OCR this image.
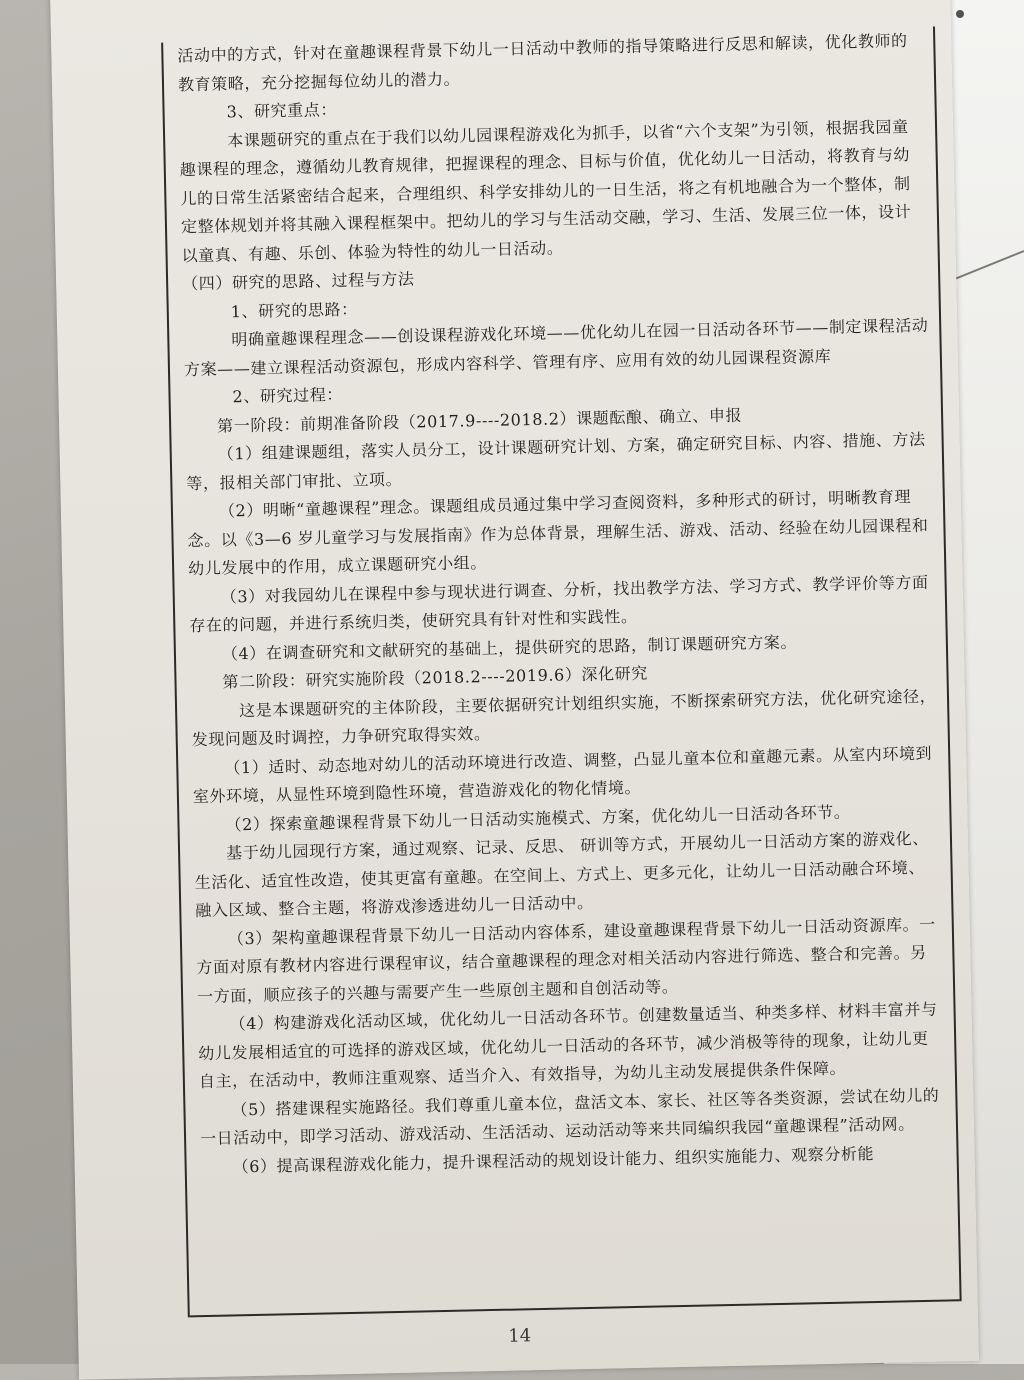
活动中的方式，针对在童趣课程背景下幼儿一日活动中教师的指导策略进行反思和解读，优化教师的教育策略，充分挖掘每位幼儿的潜力。

3、研究重点：

本课题研究的重点在于我们以幼儿园课程游戏化为抓手，以省“六个支架”为引领，根据我园童趣课程的理念，遵循幼儿教育规律，把握课程的理念、目标与价值，优化幼儿一日活动，将教育与幼儿的日常生活紧密结合起来，合理组织、科学安排幼儿的一日生活，将之有机地融合为一个整体，制定整体规划并将其融入课程框架中。把幼儿的学习与生活动交融，学习、生活、发展三位一体，设计以童真、有趣、乐创、体验为特性的幼儿一日活动。

（四）研究的思路、过程与方法

1、研究的思路：

明确童趣课程理念——创设课程游戏化环境——优化幼儿在园一日活动各环节——制定课程活动方案——建立课程活动资源包，形成内容科学、管理有序、应用有效的幼儿园课程资源库

2、研究过程：

第一阶段：前期准备阶段（2017.9----2018.2）课题酝酿、确立、申报

（1）组建课题组，落实人员分工，设计课题研究计划、方案，确定研究目标、内容、措施、方法等，报相关部门审批、立项。

（2）明晰“童趣课程”理念。课题组成员通过集中学习查阅资料，多种形式的研讨，明晰教育理念。以《3—6 岁儿童学习与发展指南》作为总体背景，理解生活、游戏、活动、经验在幼儿园课程和幼儿发展中的作用，成立课题研究小组。

（3）对我园幼儿在课程中参与现状进行调查、分析，找出教学方法、学习方式、教学评价等方面存在的问题，并进行系统归类，使研究具有针对性和实践性。

（4）在调查研究和文献研究的基础上，提供研究的思路，制订课题研究方案。

第二阶段：研究实施阶段（2018.2----2019.6）深化研究

这是本课题研究的主体阶段，主要依据研究计划组织实施，不断探索研究方法，优化研究途径，发现问题及时调控，力争研究取得实效。

（1）适时、动态地对幼儿的活动环境进行改造、调整，凸显儿童本位和童趣元素。从室内环境到室外环境，从显性环境到隐性环境，营造游戏化的物化情境。

（2）探索童趣课程背景下幼儿一日活动实施模式、方案，优化幼儿一日活动各环节。

基于幼儿园现行方案，通过观察、记录、反思、 研训等方式，开展幼儿一日活动方案的游戏化、生活化、适宜性改造，使其更富有童趣。在空间上、方式上、更多元化，让幼儿一日活动融合环境、融入区域、整合主题，将游戏渗透进幼儿一日活动中。

（3）架构童趣课程背景下幼儿一日活动内容体系，建设童趣课程背景下幼儿一日活动资源库。一方面对原有教材内容进行课程审议，结合童趣课程的理念对相关活动内容进行筛选、整合和完善。另一方面，顺应孩子的兴趣与需要产生一些原创主题和自创活动等。

（4）构建游戏化活动区域，优化幼儿一日活动各环节。创建数量适当、种类多样、材料丰富并与幼儿发展相适宜的可选择的游戏区域，优化幼儿一日活动的各环节，减少消极等待的现象，让幼儿更自主，在活动中，教师注重观察、适当介入、有效指导，为幼儿主动发展提供条件保障。

（5）搭建课程实施路径。我们尊重儿童本位，盘活文本、家长、社区等各类资源，尝试在幼儿的一日活动中，即学习活动、游戏活动、生活活动、运动活动等来共同编织我园“童趣课程”活动网。

（6）提高课程游戏化能力，提升课程活动的规划设计能力、组织实施能力、观察分析能

14
